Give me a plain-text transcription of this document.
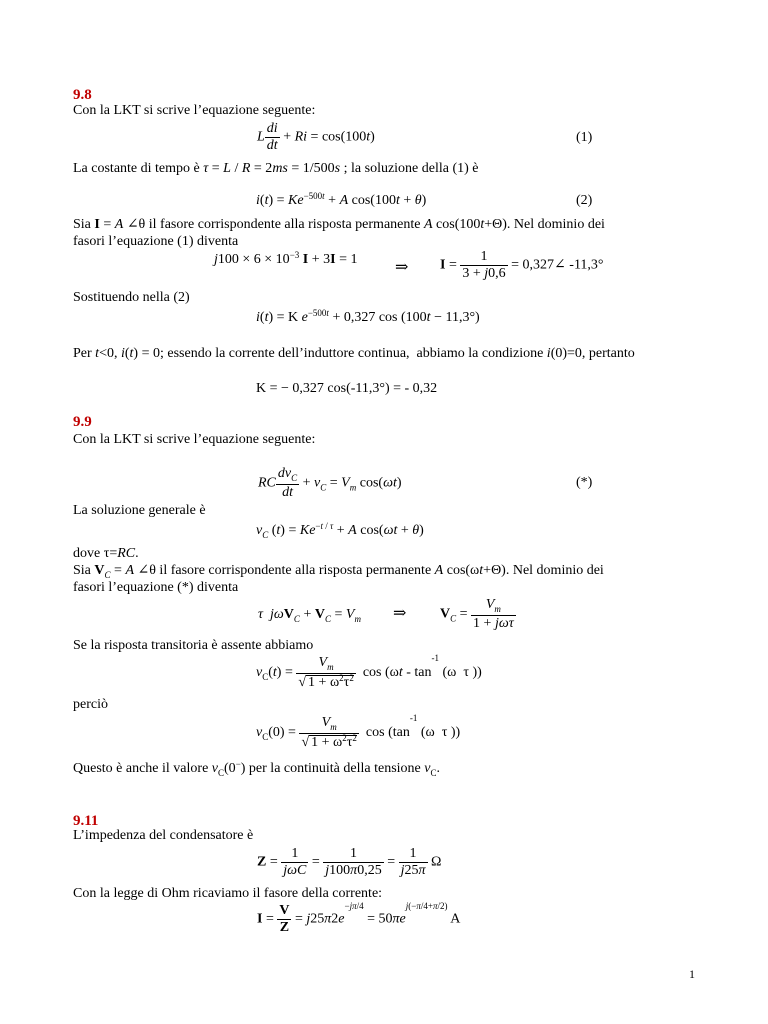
9.8
Con la LKT si scrive l’equazione seguente:
L $\frac{di}{dt} + Ri = \cos(100t)$	(1)
La costante di tempo è τ = L / R = 2ms = 1/500s ; la soluzione della (1) è
$i(t) = Ke^{-500t} + A$ cos(100t + θ)	(2)
Sia I = A ∠θ il fasore corrispondente alla risposta permanente A cos(100t+Θ). Nel dominio dei
fasori l’equazione (1) diventa
$j100 \times 6 \times 10^{-3}$ I + 3I = 1 ⇒ $I = \frac{1}{3 + j0,6}$ = 0,327∠ -11,3°
Sostituendo nella (2)
i(t) = K $e^{-500t} + 0,327$ cos (100t − 11,3°)
Per t<0, i(t) = 0; essendo la corrente dell’induttore continua,  abbiamo la condizione i(0)=0, pertanto
K = − 0,327 cos(-11,3°) = - 0,32
9.9
Con la LKT si scrive l’equazione seguente:
RC $\frac{dv_C}{dt} + v_C = V_m$ cos(ωt)	(*)
La soluzione generale è
$v_C$ $(t) = Ke^{-t / \tau} + A$ cos(ωt + θ)
dove τ=RC.
Sia $V_C = A$ ∠θ il fasore corrispondente alla risposta permanente A cos(ωt+Θ). Nel dominio dei
fasori l’equazione (*) diventa
τ $j\omega V_C + V_C = V_m$ ⇒ $V_C = \frac{V_m}{\text{1 + jωτ}}$
Se la risposta transitoria è assente abbiamo
$v_C(t) = \frac{V_m}{√ 1 + \omega^2\tau^2}$ $\cos (\omega t - \tan^{-1} (\omega$  τ ))
perciò
$v_C(0) = \frac{V_m}{√ 1 + \omega^2\tau^2}$ $\cos (\tan^{-1}$ (ω  τ ))
Questo è anche il valore $v_C(0^-)$ per la continuità della tensione $v_C$.
9.11
L’impedenza del condensatore è
$Z = \frac{1}{\text{jωC}} = \frac{1}{j100\pi 0,25} = \frac{1}{j25\pi}$ Ω
Con la legge di Ohm ricaviamo il fasore della corrente:
$I = \frac{V}{Z} = j25\pi 2e^{-j\pi/4} = 50\pi e^{j(-\pi/4+\pi/2)}$ A
1
